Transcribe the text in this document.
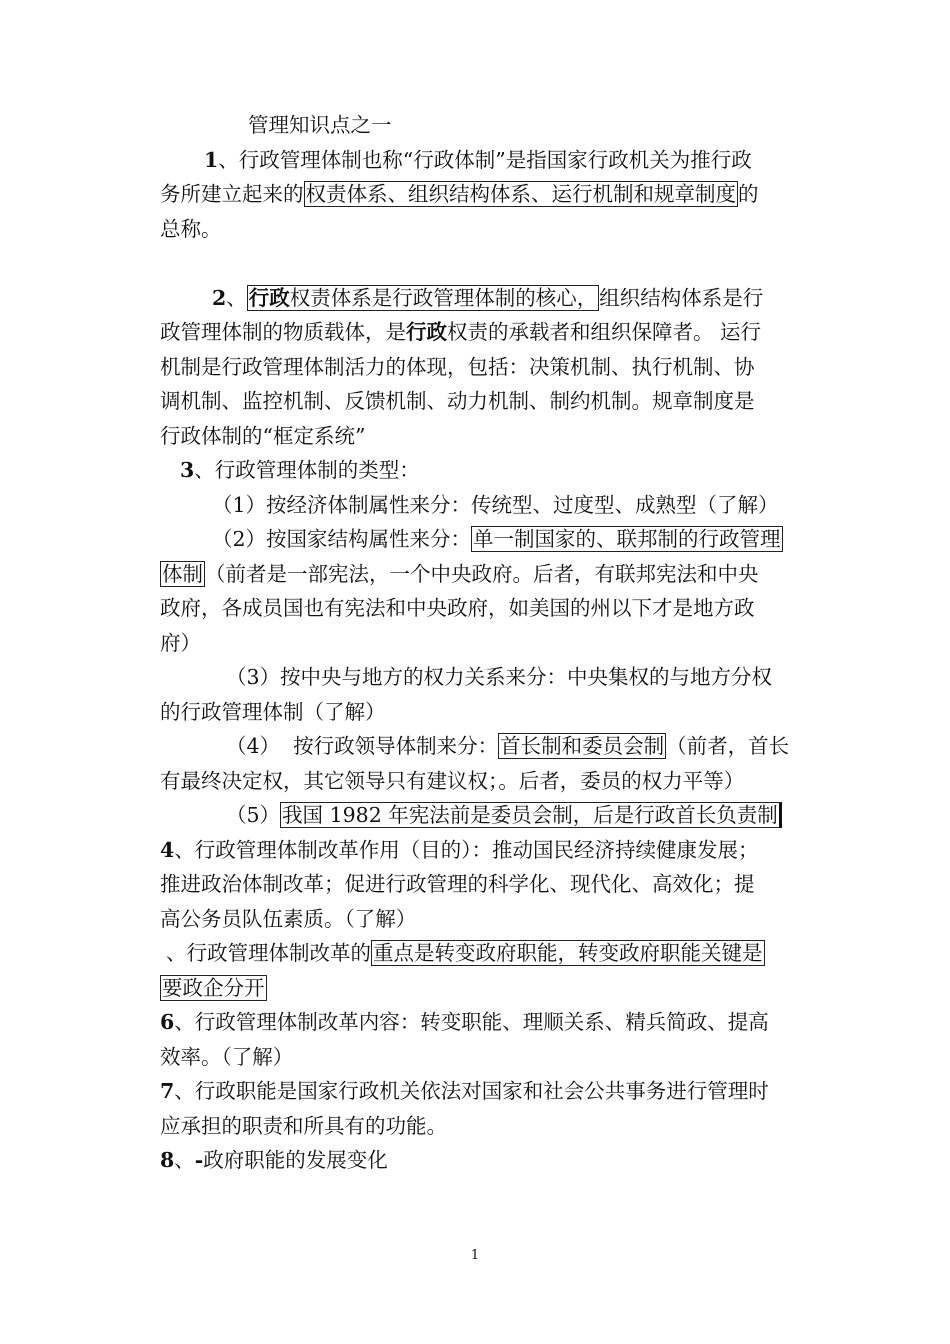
管理知识点之一
1、行政管理体制也称“行政体制”是指国家行政机关为推行政
务所建立起来的权责体系、组织结构体系、运行机制和规章制度的
总称。
2、行政权责体系是行政管理体制的核心，组织结构体系是行
政管理体制的物质载体，是行政权责的承载者和组织保障者。 运行
机制是行政管理体制活力的体现，包括：决策机制、执行机制、协
调机制、监控机制、反馈机制、动力机制、制约机制。规章制度是
行政体制的“框定系统”
3、行政管理体制的类型：
（1）按经济体制属性来分：传统型、过度型、成熟型（了解）
（2）按国家结构属性来分：单一制国家的、联邦制的行政管理
体制（前者是一部宪法，一个中央政府。后者，有联邦宪法和中央
政府，各成员国也有宪法和中央政府，如美国的州以下才是地方政
府）
（3）按中央与地方的权力关系来分：中央集权的与地方分权
的行政管理体制（了解）
（4）  按行政领导体制来分：首长制和委员会制（前者，首长
有最终决定权，其它领导只有建议权；。后者，委员的权力平等）
（5）我国 1982 年宪法前是委员会制，后是行政首长负责制
4、行政管理体制改革作用（目的）：推动国民经济持续健康发展；
推进政治体制改革；促进行政管理的科学化、现代化、高效化；提
高公务员队伍素质。（了解）
、行政管理体制改革的重点是转变政府职能，转变政府职能关键是
要政企分开
6、行政管理体制改革内容：转变职能、理顺关系、精兵简政、提高
效率。（了解）
7、行政职能是国家行政机关依法对国家和社会公共事务进行管理时
应承担的职责和所具有的功能。
8、-政府职能的发展变化
1
